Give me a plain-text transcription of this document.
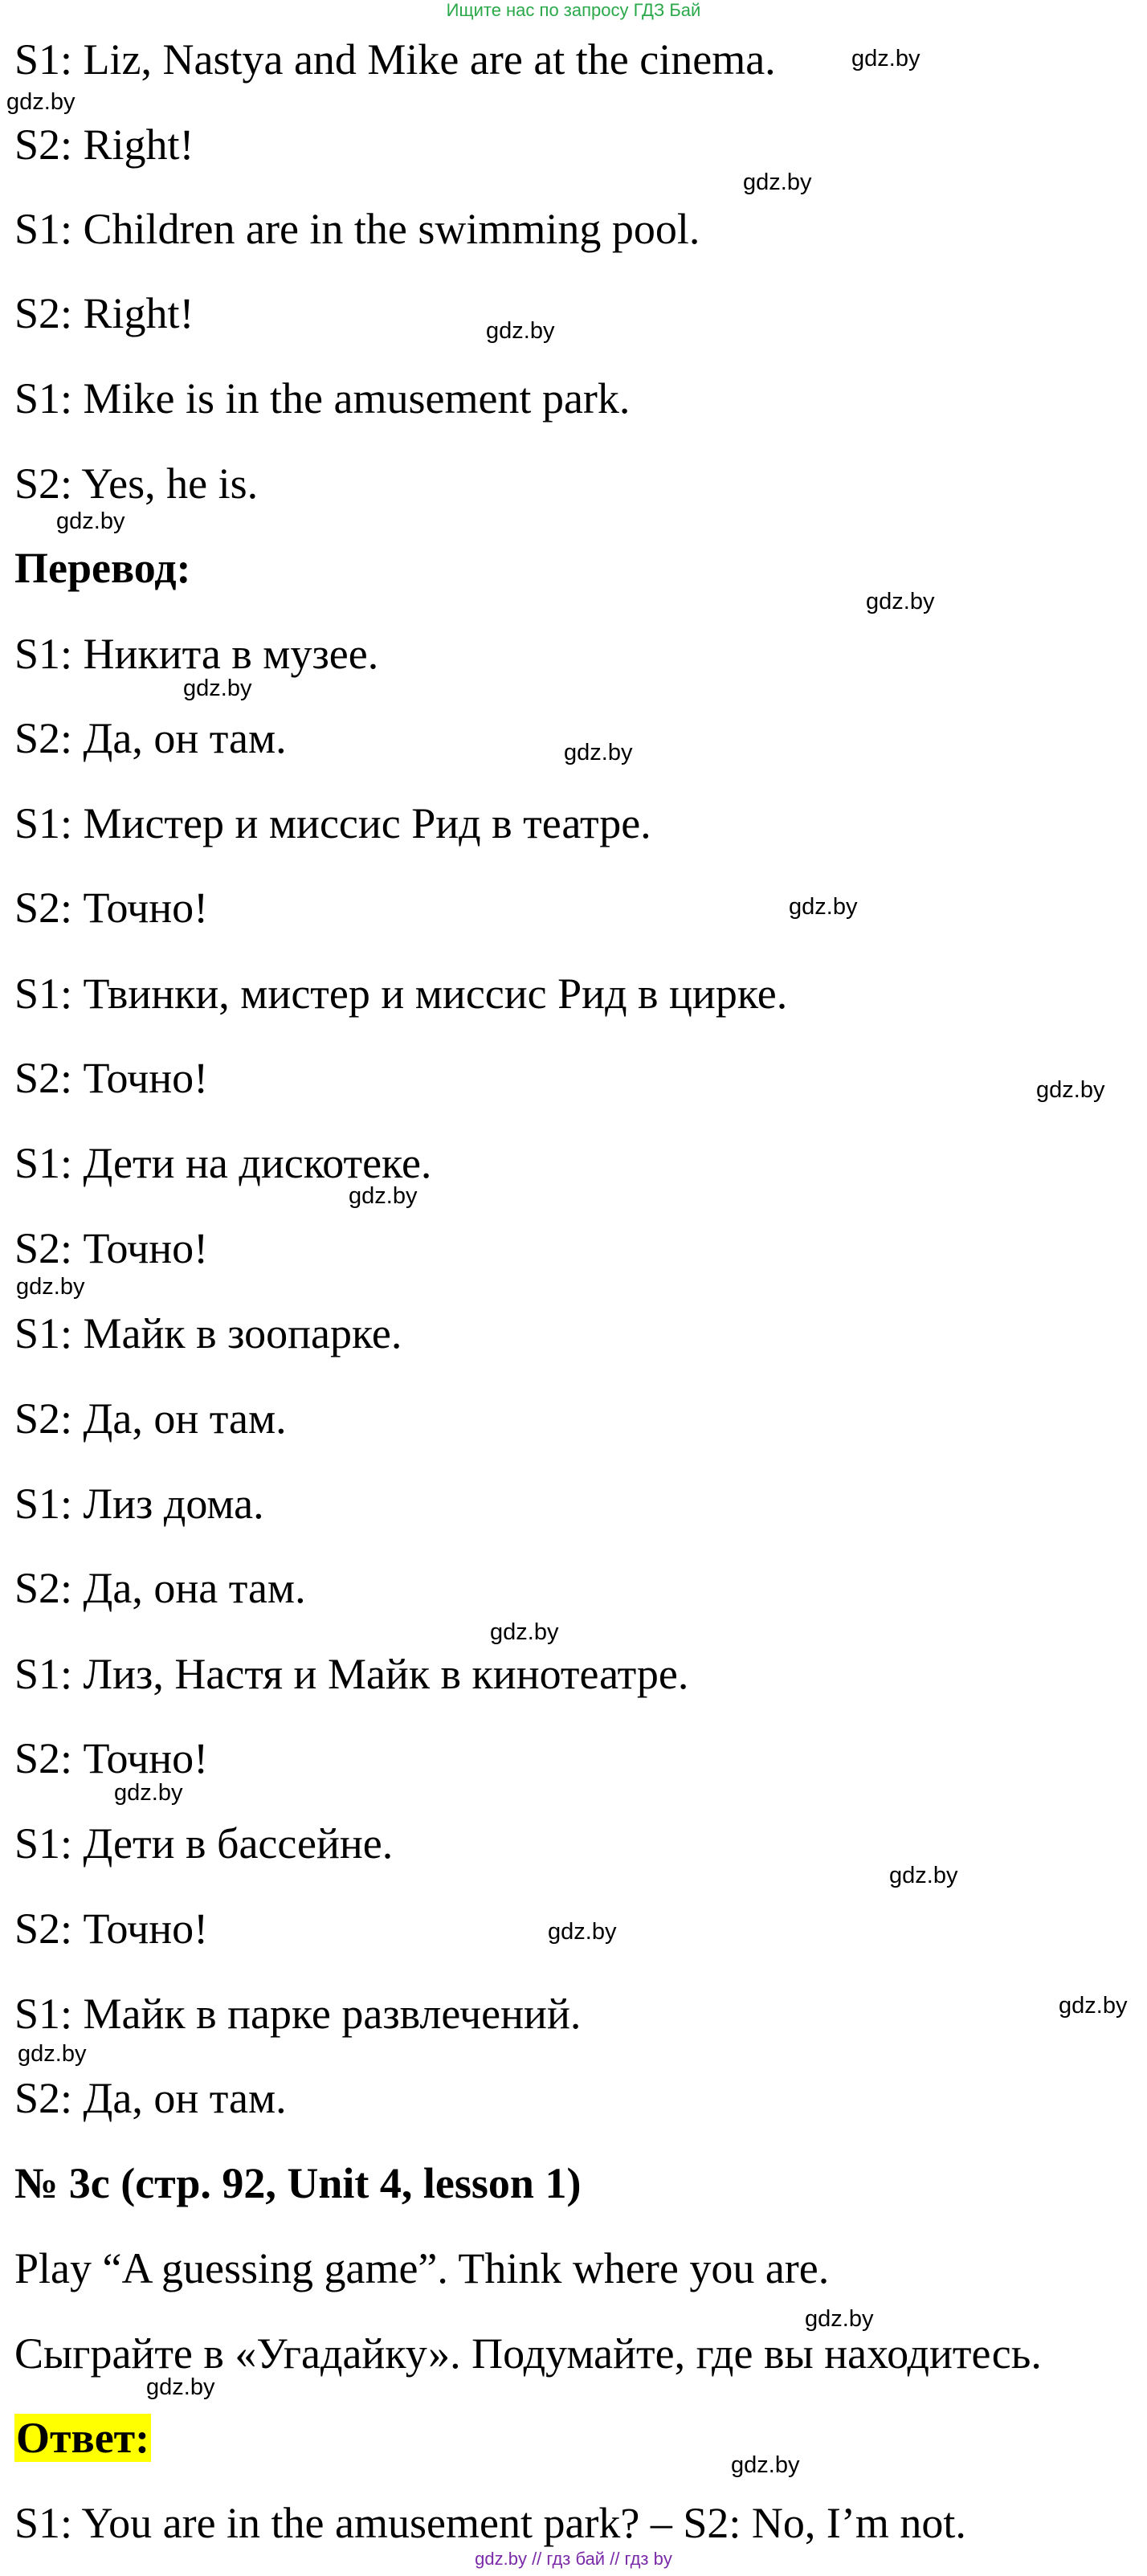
Ищите нас по запросу ГДЗ Бай
S1: Liz, Nastya and Mike are at the cinema.
S2: Right!
S1: Children are in the swimming pool.
S2: Right!
S1: Mike is in the amusement park.
S2: Yes, he is.
Перевод:
S1: Никита в музее.
S2: Да, он там.
S1: Мистер и миссис Рид в театре.
S2: Точно!
S1: Твинки, мистер и миссис Рид в цирке.
S2: Точно!
S1: Дети на дискотеке.
S2: Точно!
S1: Майк в зоопарке.
S2: Да, он там.
S1: Лиз дома.
S2: Да, она там.
S1: Лиз, Настя и Майк в кинотеатре.
S2: Точно!
S1: Дети в бассейне.
S2: Точно!
S1: Майк в парке развлечений.
S2: Да, он там.
№ 3c (стр. 92, Unit 4, lesson 1)
Play “A guessing game”. Think where you are.
Сыграйте в «Угадайку». Подумайте, где вы находитесь.
Ответ:
S1: You are in the amusement park? – S2: No, I’m not.
gdz.by
gdz.by
gdz.by
gdz.by
gdz.by
gdz.by
gdz.by
gdz.by
gdz.by
gdz.by
gdz.by
gdz.by
gdz.by
gdz.by
gdz.by
gdz.by
gdz.by
gdz.by
gdz.by
gdz.by
gdz.by
gdz.by // гдз бай // гдз by
